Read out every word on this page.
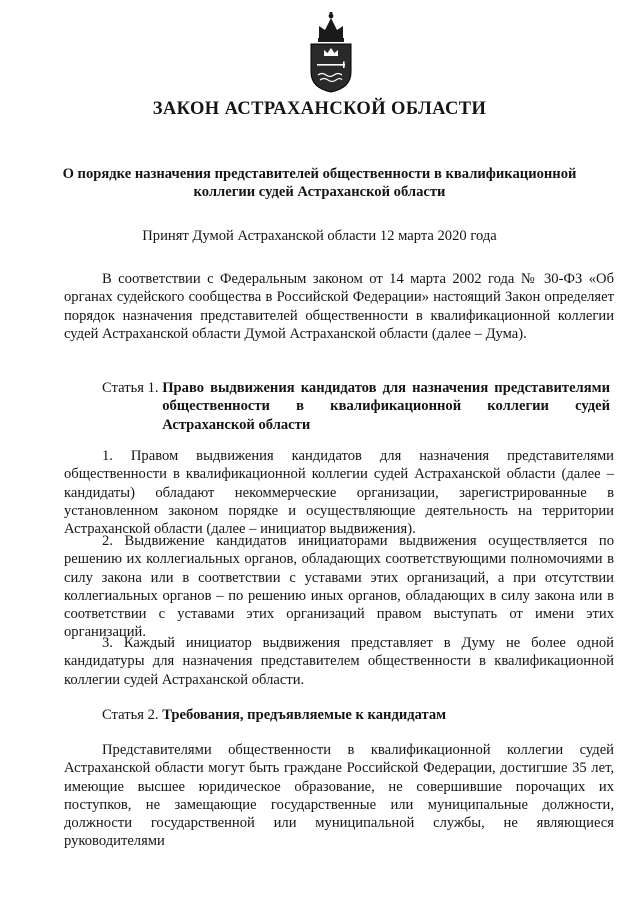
ЗАКОН АСТРАХАНСКОЙ ОБЛАСТИ

О порядке назначения представителей общественности в квалификационной коллегии судей Астраханской области

Принят Думой Астраханской области 12 марта 2020 года

В соответствии с Федеральным законом от 14 марта 2002 года № 30-ФЗ «Об органах судейского сообщества в Российской Федерации» настоящий Закон определяет порядок назначения представителей общественности в квалификационной коллегии судей Астраханской области Думой Астраханской области (далее – Дума).

Статья 1. Право выдвижения кандидатов для назначения представителями общественности в квалификационной коллегии судей Астраханской области

1. Правом выдвижения кандидатов для назначения представителями общественности в квалификационной коллегии судей Астраханской области (далее – кандидаты) обладают некоммерческие организации, зарегистрированные в установленном законом порядке и осуществляющие деятельность на территории Астраханской области (далее – инициатор выдвижения).

2. Выдвижение кандидатов инициаторами выдвижения осуществляется по решению их коллегиальных органов, обладающих соответствующими полномочиями в силу закона или в соответствии с уставами этих организаций, а при отсутствии коллегиальных органов – по решению иных органов, обладающих в силу закона или в соответствии с уставами этих организаций правом выступать от имени этих организаций.

3. Каждый инициатор выдвижения представляет в Думу не более одной кандидатуры для назначения представителем общественности в квалификационной коллегии судей Астраханской области.

Статья 2. Требования, предъявляемые к кандидатам

Представителями общественности в квалификационной коллегии судей Астраханской области могут быть граждане Российской Федерации, достигшие 35 лет, имеющие высшее юридическое образование, не совершившие порочащих их поступков, не замещающие государственные или муниципальные должности, должности государственной или муниципальной службы, не являющиеся руководителями
